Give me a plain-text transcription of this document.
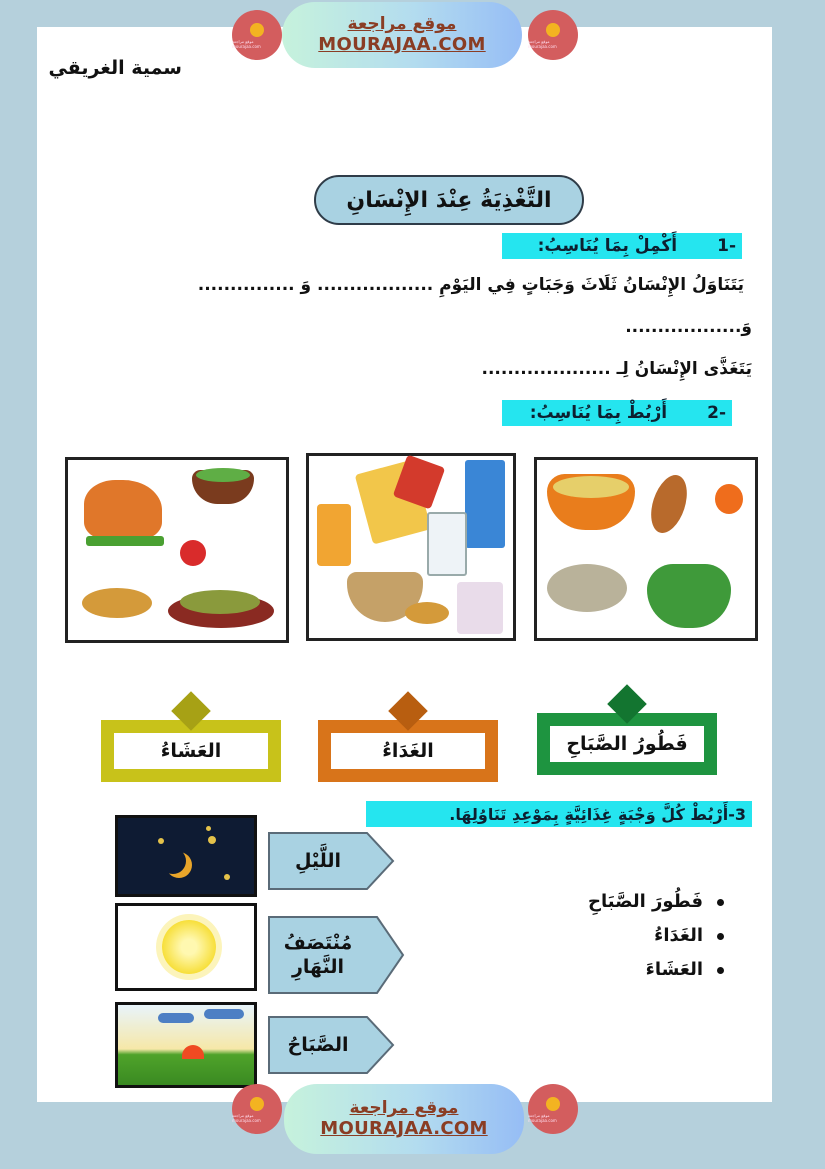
سمية الغريقي
التَّغْذِيَةُ عِنْدَ الإِنْسَانِ
1-
أَكْمِلْ بِمَا يُنَاسِبُ:
يَتَنَاوَلُ الإِنْسَانُ ثَلَاثَ وَجَبَاتٍ فِي اليَوْمِ .................. وَ ...............
وَ..................
يَتَغَذَّى الإِنْسَانُ لِـ ....................
2-
أَرْبُطْ بِمَا يُنَاسِبُ:
العَشَاءُ	الغَدَاءُ	فَطُورُ الصَّبَاحِ
3-أَرْبُطْ كُلَّ وَجْبَةٍ غِذَائِيَّةٍ بِمَوْعِدِ تَنَاوُلِهَا.
اللَّيْلِ
مُنْتَصَفُ النَّهَارِ
الصَّبَاحُ
فَطُورَ الصَّبَاحِ
الغَدَاءُ
العَشَاءَ
موقع مراجعة mourajaa.com
موقع مراجعة
MOURAJAA.COM	موقع مراجعة mourajaa.com
موقع مراجعة mourajaa.com
موقع مراجعة
MOURAJAA.COM
موقع مراجعة mourajaa.com
